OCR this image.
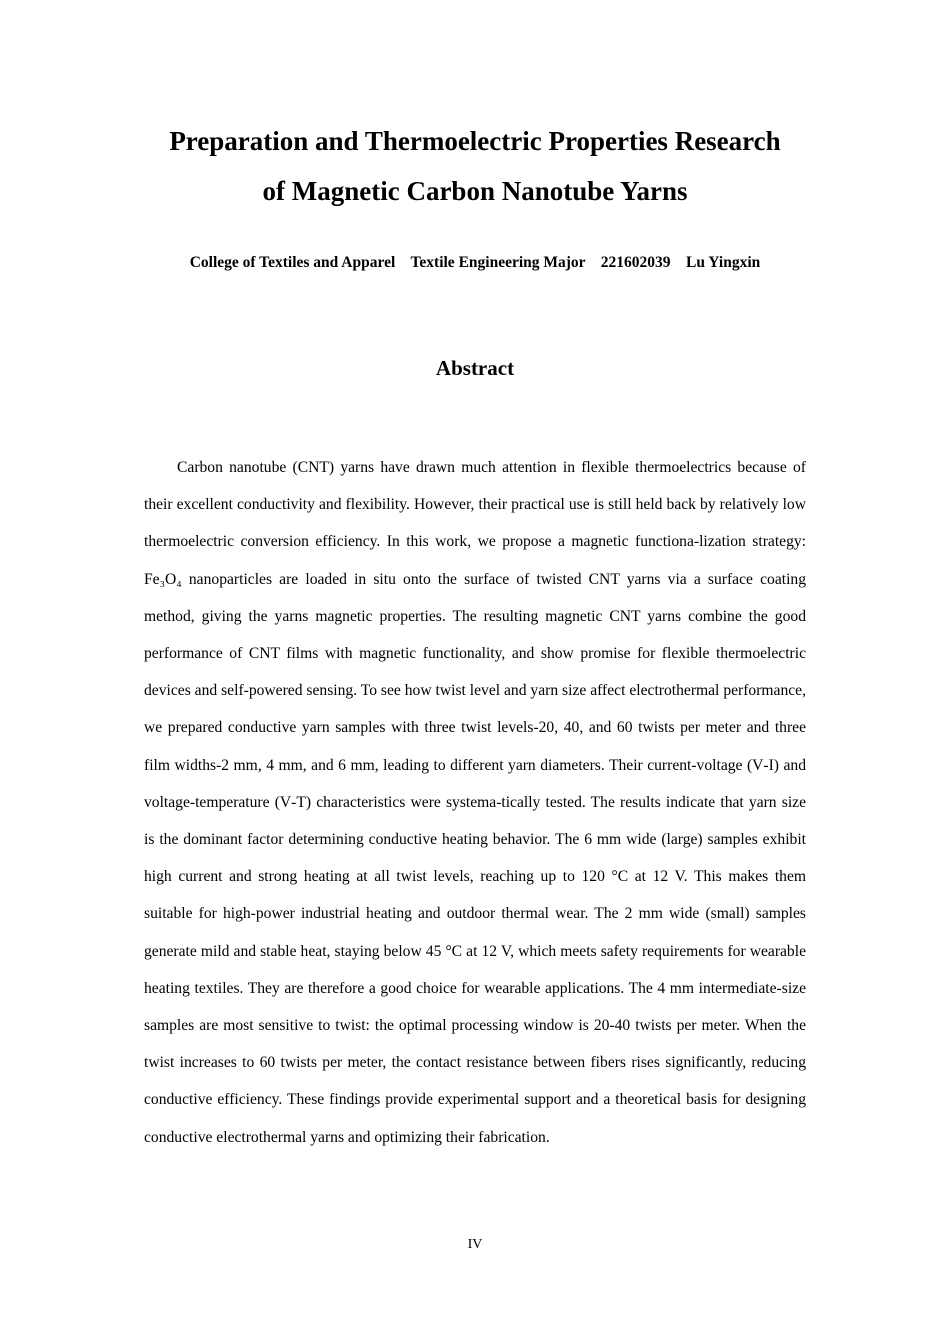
Preparation and Thermoelectric Properties Research
of Magnetic Carbon Nanotube Yarns

College of Textiles and Apparel    Textile Engineering Major    221602039    Lu Yingxin

Abstract

Carbon nanotube (CNT) yarns have drawn much attention in flexible thermoelectrics because of their excellent conductivity and flexibility. However, their practical use is still held back by relatively low thermoelectric conversion efficiency. In this work, we propose a magnetic functiona-lization strategy: Fe₃O₄ nanoparticles are loaded in situ onto the surface of twisted CNT yarns via a surface coating method, giving the yarns magnetic properties. The resulting magnetic CNT yarns combine the good performance of CNT films with magnetic functionality, and show promise for flexible thermoelectric devices and self‑powered sensing. To see how twist level and yarn size affect electrothermal performance, we prepared conductive yarn samples with three twist levels-20, 40, and 60 twists per meter and three film widths-2 mm, 4 mm, and 6 mm, leading to different yarn diameters. Their current‑voltage (V‑I) and voltage‑temperature (V‑T) characteristics were systema-tically tested. The results indicate that yarn size is the dominant factor determining conductive heating behavior. The 6 mm wide (large) samples exhibit high current and strong heating at all twist levels, reaching up to 120 °C at 12 V. This makes them suitable for high‑power industrial heating and outdoor thermal wear. The 2 mm wide (small) samples generate mild and stable heat, staying below 45 °C at 12 V, which meets safety requirements for wearable heating textiles. They are therefore a good choice for wearable applications. The 4 mm intermediate‑size samples are most sensitive to twist: the optimal processing window is 20-40 twists per meter. When the twist increases to 60 twists per meter, the contact resistance between fibers rises significantly, reducing conductive efficiency. These findings provide experimental support and a theoretical basis for designing conductive electrothermal yarns and optimizing their fabrication.

IV
